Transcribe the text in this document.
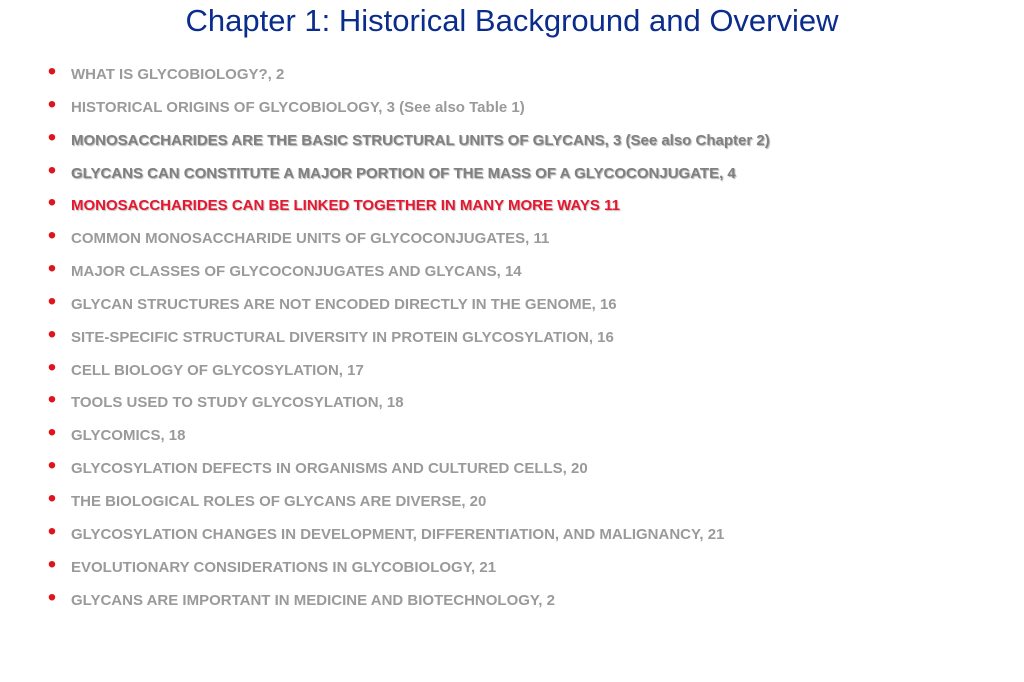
Chapter 1: Historical Background and Overview
• WHAT IS GLYCOBIOLOGY?, 2
• HISTORICAL ORIGINS OF GLYCOBIOLOGY, 3 (See also Table 1)
• MONOSACCHARIDES ARE THE BASIC STRUCTURAL UNITS OF GLYCANS, 3 (See also Chapter 2)
• GLYCANS CAN CONSTITUTE A MAJOR PORTION OF THE MASS OF A GLYCOCONJUGATE, 4
• MONOSACCHARIDES CAN BE LINKED TOGETHER IN MANY MORE WAYS 11
• COMMON MONOSACCHARIDE UNITS OF GLYCOCONJUGATES, 11
• MAJOR CLASSES OF GLYCOCONJUGATES AND GLYCANS, 14
• GLYCAN STRUCTURES ARE NOT ENCODED DIRECTLY IN THE GENOME, 16
• SITE-SPECIFIC STRUCTURAL DIVERSITY IN PROTEIN GLYCOSYLATION, 16
• CELL BIOLOGY OF GLYCOSYLATION, 17
• TOOLS USED TO STUDY GLYCOSYLATION, 18
• GLYCOMICS, 18
• GLYCOSYLATION DEFECTS IN ORGANISMS AND CULTURED CELLS, 20
• THE BIOLOGICAL ROLES OF GLYCANS ARE DIVERSE, 20
• GLYCOSYLATION CHANGES IN DEVELOPMENT, DIFFERENTIATION, AND MALIGNANCY, 21
• EVOLUTIONARY CONSIDERATIONS IN GLYCOBIOLOGY, 21
• GLYCANS ARE IMPORTANT IN MEDICINE AND BIOTECHNOLOGY, 2
